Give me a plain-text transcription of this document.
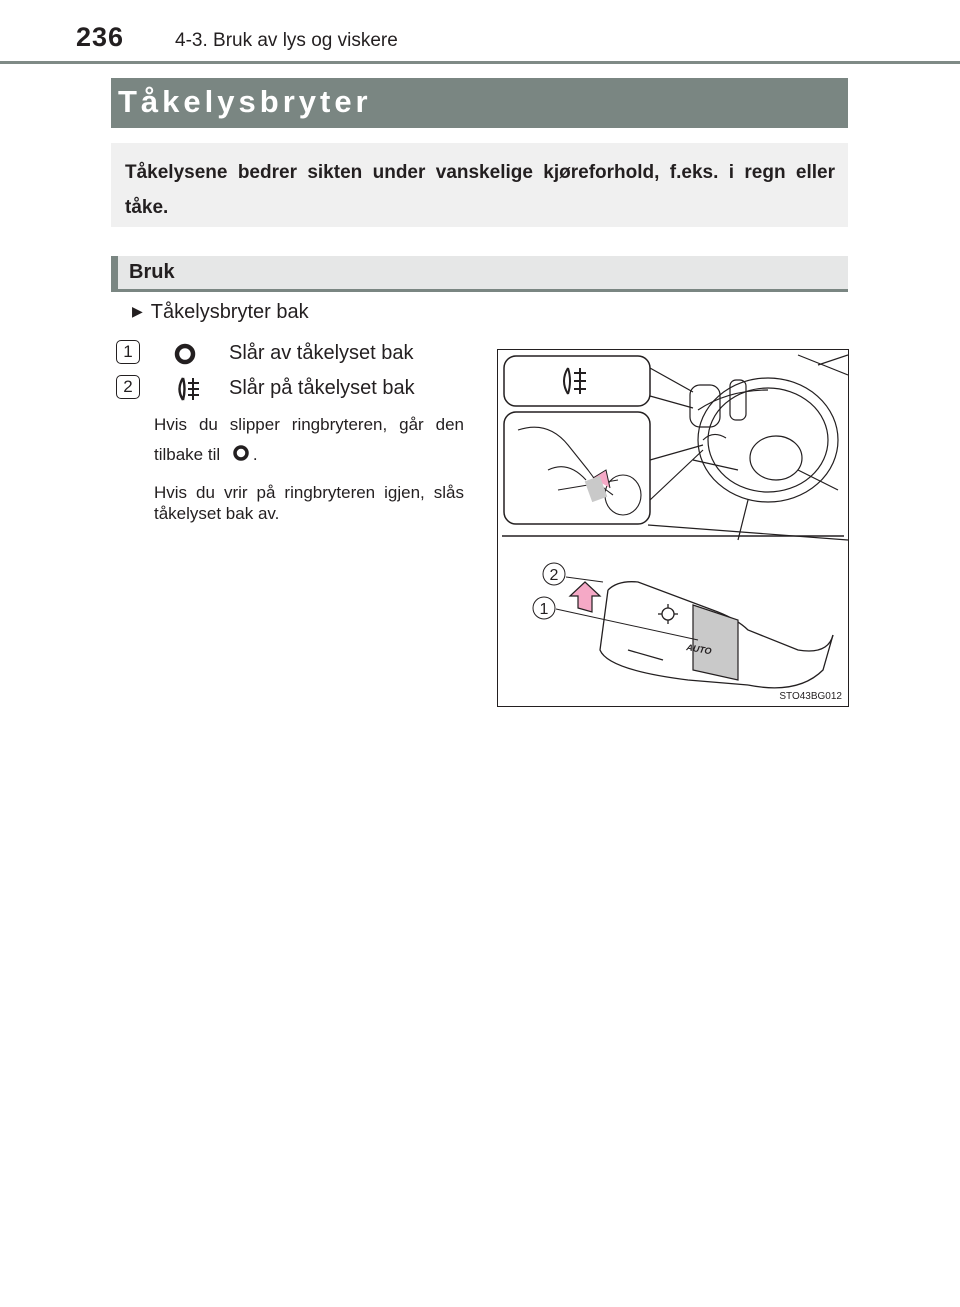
236	4-3. Bruk av lys og viskere
Tåkelysbryter

Tåkelysene bedrer sikten under vanskelige kjøreforhold, f.eks. i regn eller tåke.

Bruk
▶ Tåkelysbryter bak
1	Slår av tåkelyset bak
2	Slår på tåkelyset bak
Hvis du slipper ringbryteren, går den tilbake til .
Hvis du vrir på ringbryteren igjen, slås tåkelyset bak av.
AUTO
2
1
STO43BG012
